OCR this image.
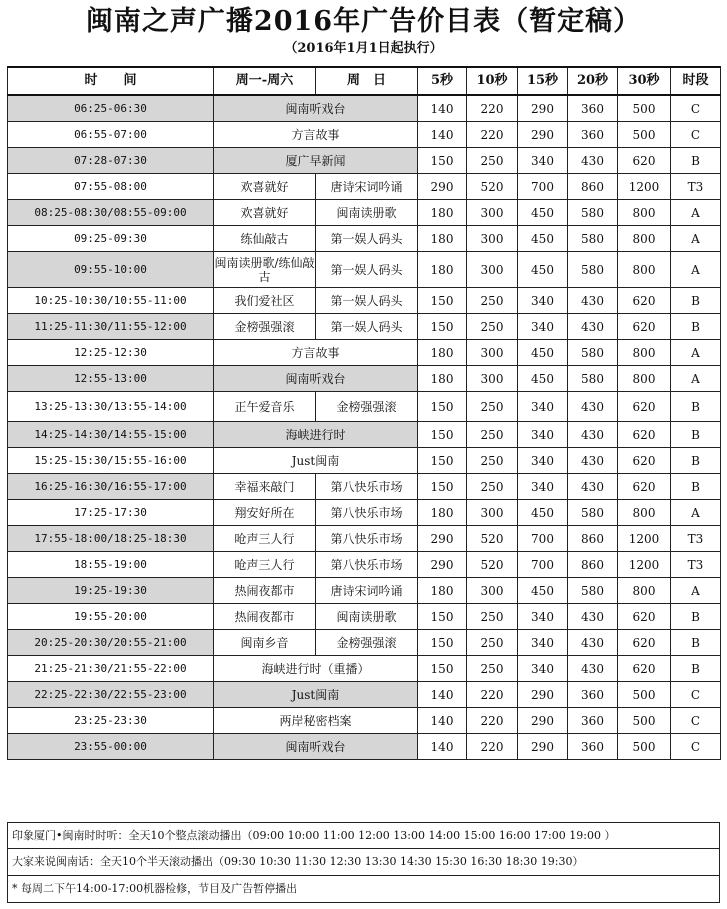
闽南之声广播2016年广告价目表（暂定稿）
（2016年1月1日起执行）
时　　间	周一-周六	周　日	5秒	10秒	15秒	20秒	30秒	时段
06:25-06:30	闽南听戏台		140	220	290	360	500	C
06:55-07:00	方言故事		140	220	290	360	500	C
07:28-07:30	厦广早新闻		150	250	340	430	620	B
07:55-08:00	欢喜就好	唐诗宋词吟诵	290	520	700	860	1200	T3
08:25-08:30/08:55-09:00	欢喜就好	闽南读册歌	180	300	450	580	800	A
09:25-09:30	练仙敲古	第一娱人码头	180	300	450	580	800	A
09:55-10:00	闽南读册歌/练仙敲古	第一娱人码头	180	300	450	580	800	A
10:25-10:30/10:55-11:00	我们爱社区	第一娱人码头	150	250	340	430	620	B
11:25-11:30/11:55-12:00	金榜强强滚	第一娱人码头	150	250	340	430	620	B
12:25-12:30	方言故事		180	300	450	580	800	A
12:55-13:00	闽南听戏台		180	300	450	580	800	A
13:25-13:30/13:55-14:00	正午爱音乐	金榜强强滚	150	250	340	430	620	B
14:25-14:30/14:55-15:00	海峡进行时		150	250	340	430	620	B
15:25-15:30/15:55-16:00	Just闽南		150	250	340	430	620	B
16:25-16:30/16:55-17:00	幸福来敲门	第八快乐市场	150	250	340	430	620	B
17:25-17:30	翔安好所在	第八快乐市场	180	300	450	580	800	A
17:55-18:00/18:25-18:30	呛声三人行	第八快乐市场	290	520	700	860	1200	T3
18:55-19:00	呛声三人行	第八快乐市场	290	520	700	860	1200	T3
19:25-19:30	热闹夜都市	唐诗宋词吟诵	180	300	450	580	800	A
19:55-20:00	热闹夜都市	闽南读册歌	150	250	340	430	620	B
20:25-20:30/20:55-21:00	闽南乡音	金榜强强滚	150	250	340	430	620	B
21:25-21:30/21:55-22:00	海峡进行时（重播）		150	250	340	430	620	B
22:25-22:30/22:55-23:00	Just闽南		140	220	290	360	500	C
23:25-23:30	两岸秘密档案		140	220	290	360	500	C
23:55-00:00	闽南听戏台		140	220	290	360	500	C
印象厦门•闽南时时听：全天10个整点滚动播出（09:00 10:00 11:00 12:00 13:00 14:00 15:00 16:00 17:00 19:00 ）
大家来说闽南话：全天10个半天滚动播出（09:30 10:30 11:30 12:30 13:30 14:30 15:30 16:30 18:30 19:30）
* 每周二下午14:00-17:00机器检修，节目及广告暂停播出
